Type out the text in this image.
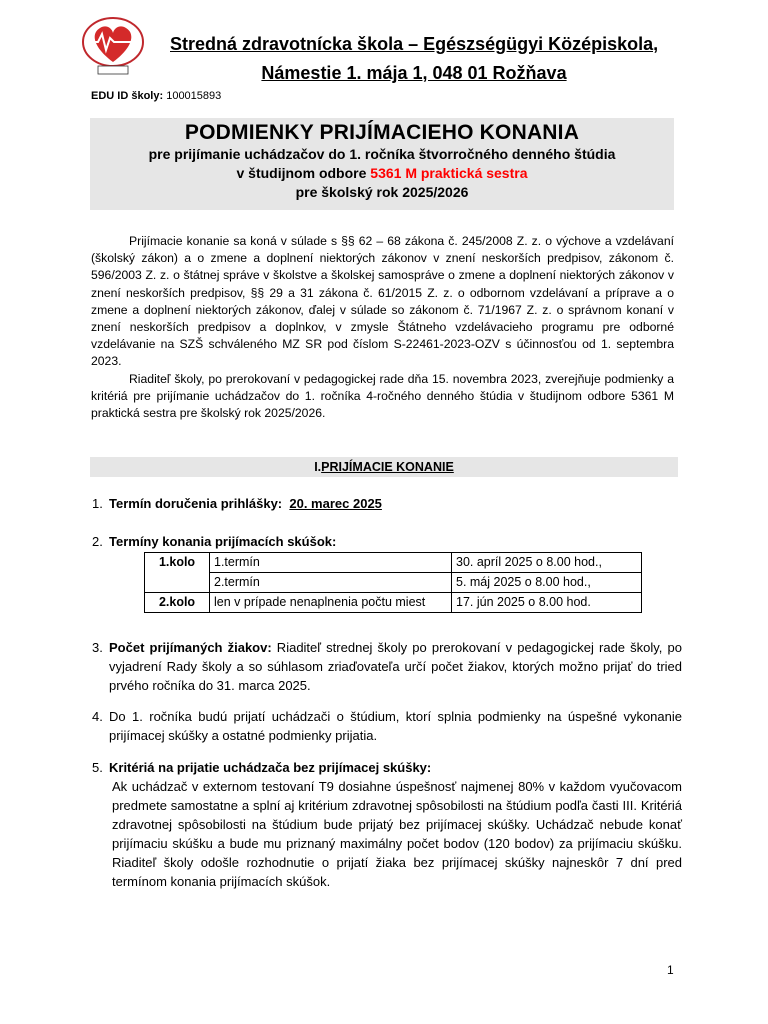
Stredná zdravotnícka škola – Egészségügyi Középiskola,
Námestie 1. mája 1, 048 01 Rožňava
EDU ID školy: 100015893
PODMIENKY PRIJÍMACIEHO KONANIA
pre prijímanie uchádzačov do 1. ročníka štvorročného denného štúdia
v študijnom odbore 5361 M praktická sestra
pre školský rok 2025/2026

Prijímacie konanie sa koná v súlade s §§ 62 – 68 zákona č. 245/2008 Z. z. o výchove a vzdelávaní (školský zákon) a o zmene a doplnení niektorých zákonov v znení neskorších predpisov, zákonom č. 596/2003 Z. z. o štátnej správe v školstve a školskej samospráve o zmene a doplnení niektorých zákonov v znení neskorších predpisov, §§ 29 a 31 zákona č. 61/2015 Z. z. o odbornom vzdelávaní a príprave a o zmene a doplnení niektorých zákonov, ďalej v súlade so zákonom č. 71/1967 Z. z. o správnom konaní v znení neskorších predpisov a doplnkov, v zmysle Štátneho vzdelávacieho programu pre odborné vzdelávanie na SZŠ schváleného MZ SR pod číslom S-22461-2023-OZV s účinnosťou od 1. septembra 2023.

Riaditeľ školy, po prerokovaní v pedagogickej rade dňa 15. novembra 2023, zverejňuje podmienky a kritériá pre prijímanie uchádzačov do 1. ročníka 4-ročného denného štúdia v študijnom odbore 5361 M praktická sestra pre školský rok 2025/2026.

I.PRIJÍMACIE KONANIE
1. Termín doručenia prihlášky: 20. marec 2025
2. Termíny konania prijímacích skúšok:
1.kolo	1.termín	30. apríl 2025 o 8.00 hod.,
	2.termín	5. máj 2025 o 8.00 hod.,
2.kolo	len v prípade nenaplnenia počtu miest	17. jún 2025 o 8.00 hod.
3. Počet prijímaných žiakov: Riaditeľ strednej školy po prerokovaní v pedagogickej rade školy, po vyjadrení Rady školy a so súhlasom zriaďovateľa určí počet žiakov, ktorých možno prijať do tried prvého ročníka do 31. marca 2025.
4. Do 1. ročníka budú prijatí uchádzači o štúdium, ktorí splnia podmienky na úspešné vykonanie prijímacej skúšky a ostatné podmienky prijatia.
5. Kritériá na prijatie uchádzača bez prijímacej skúšky:
Ak uchádzač v externom testovaní T9 dosiahne úspešnosť najmenej 80% v každom vyučovacom predmete samostatne a splní aj kritérium zdravotnej spôsobilosti na štúdium podľa časti III. Kritériá zdravotnej spôsobilosti na štúdium bude prijatý bez prijímacej skúšky. Uchádzač nebude konať prijímaciu skúšku a bude mu priznaný maximálny počet bodov (120 bodov) za prijímaciu skúšku. Riaditeľ školy odošle rozhodnutie o prijatí žiaka bez prijímacej skúšky najneskôr 7 dní pred termínom konania prijímacích skúšok.
1
